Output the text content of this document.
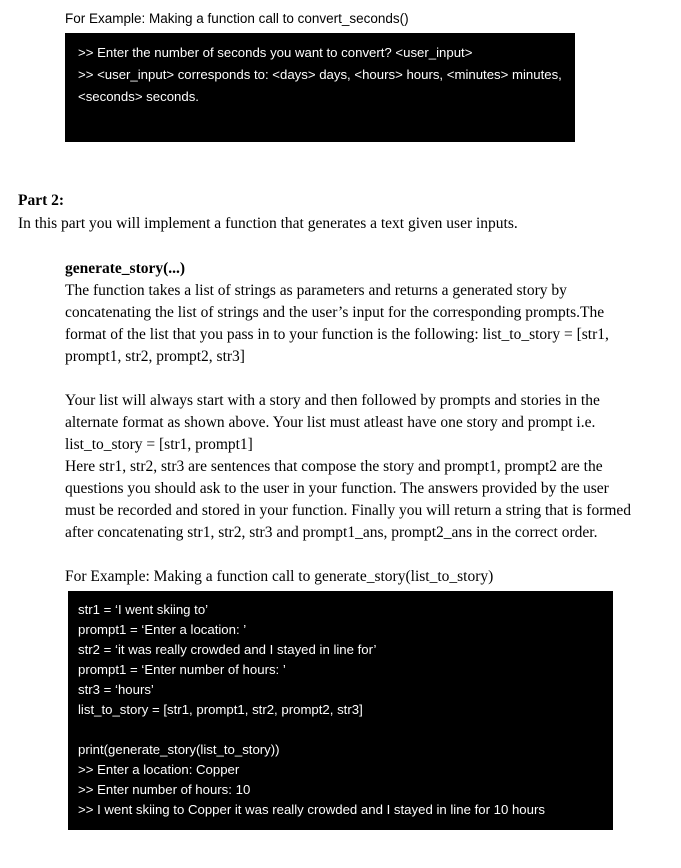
For Example: Making a function call to convert_seconds()
>> Enter the number of seconds you want to convert? <user_input>
>> <user_input> corresponds to: <days> days, <hours> hours, <minutes> minutes, <seconds> seconds.
Part 2:
In this part you will implement a function that generates a text given user inputs.
generate_story(...)

The function takes a list of strings as parameters and returns a generated story by concatenating the list of strings and the user’s input for the corresponding prompts.The format of the list that you pass in to your function is the following: list_to_story = [str1, prompt1, str2, prompt2, str3]

Your list will always start with a story and then followed by prompts and stories in the alternate format as shown above. Your list must atleast have one story and prompt i.e. list_to_story = [str1, prompt1]

Here str1, str2, str3 are sentences that compose the story and prompt1, prompt2 are the questions you should ask to the user in your function. The answers provided by the user must be recorded and stored in your function. Finally you will return a string that is formed after concatenating str1, str2, str3 and prompt1_ans, prompt2_ans in the correct order.

For Example: Making a function call to generate_story(list_to_story)
str1 = ‘I went skiing to’
prompt1 = ‘Enter a location: ’
str2 = ‘it was really crowded and I stayed in line for’
prompt1 = ‘Enter number of hours: ’
str3 = ‘hours’
list_to_story = [str1, prompt1, str2, prompt2, str3]
print(generate_story(list_to_story))
>> Enter a location: Copper
>> Enter number of hours: 10
>> I went skiing to Copper it was really crowded and I stayed in line for 10 hours
